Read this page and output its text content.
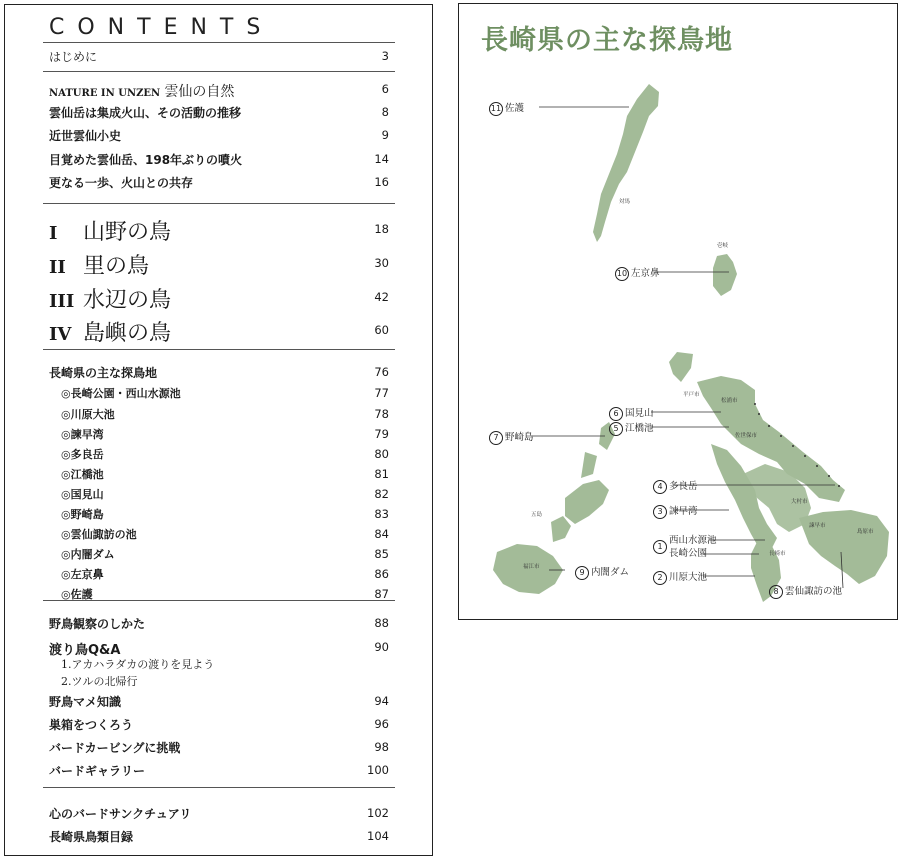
CONTENTS
はじめに	3
NATURE IN UNZEN 雲仙の自然	6
雲仙岳は集成火山、その活動の推移	8
近世雲仙小史	9
目覚めた雲仙岳、198年ぶりの噴火	14
更なる一歩、火山との共存	16
I 山野の鳥	18
II 里の鳥	30
III 水辺の鳥	42
IV 島嶼の鳥	60
長崎県の主な探鳥地	76
◎長崎公園・西山水源池	77
◎川原大池	78
◎諫早湾	79
◎多良岳	80
◎江橋池	81
◎国見山	82
◎野崎島	83
◎雲仙諏訪の池	84
◎内闇ダム	85
◎左京鼻	86
◎佐護	87
野鳥観察のしかた	88
渡り鳥Q&A	90
1.アカハラダカの渡りを見よう
2.ツルの北帰行
野鳥マメ知識	94
巣箱をつくろう	96
バードカービングに挑戦	98
バードギャラリー	100
心のバードサンクチュアリ	102
長崎県鳥類目録	104
長崎県の主な探鳥地
対馬
壱岐
五島
平戸市
松浦市
佐世保市
大村市
諫早市
島原市
長崎市
福江市
11 佐護
10 左京鼻
6 国見山
5 江橋池
7 野崎島
4 多良岳
3 諫早湾
1西山水源池
長崎公園
9 内闇ダム	2 川原大池
8 雲仙諏訪の池
